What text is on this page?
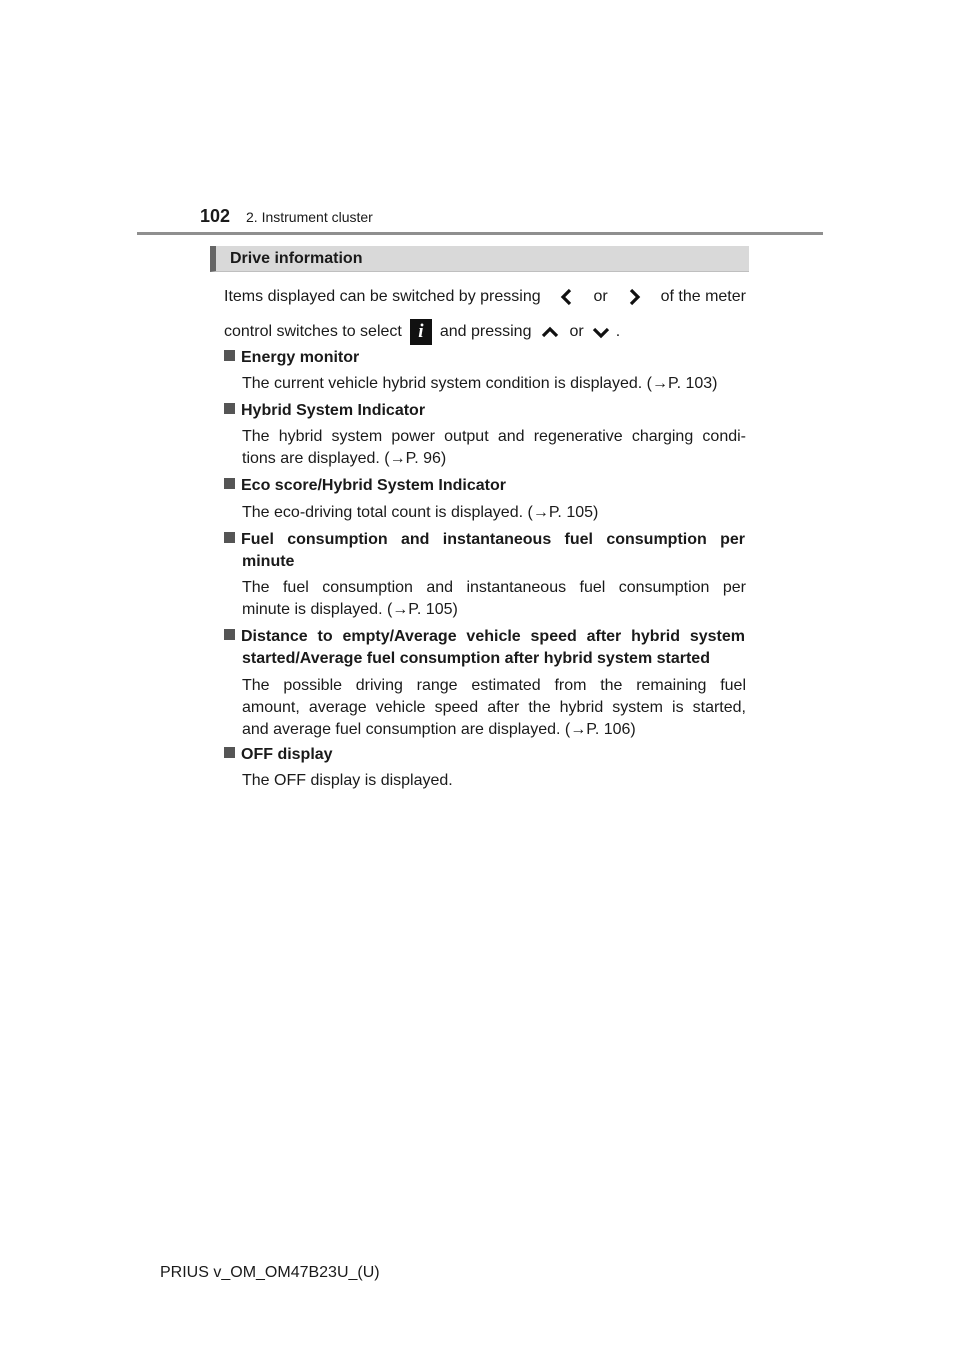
102 2. Instrument cluster
Drive information
Items displayed can be switched by pressing	or	of the meter
control switches to select i	and pressing or .
Energy monitor
The current vehicle hybrid system condition is displayed. (→P. 103)
Hybrid System Indicator
The hybrid system power output and regenerative charging condi-
tions are displayed. (→P. 96)
Eco score/Hybrid System Indicator
The eco-driving total count is displayed. (→P. 105)
Fuel consumption and instantaneous fuel consumption per
minute
The fuel consumption and instantaneous fuel consumption per
minute is displayed. (→P. 105)
Distance to empty/Average vehicle speed after hybrid system
started/Average fuel consumption after hybrid system started
The possible driving range estimated from the remaining fuel
amount, average vehicle speed after the hybrid system is started,
and average fuel consumption are displayed. (→P. 106)
OFF display
The OFF display is displayed.
PRIUS v_OM_OM47B23U_(U)
